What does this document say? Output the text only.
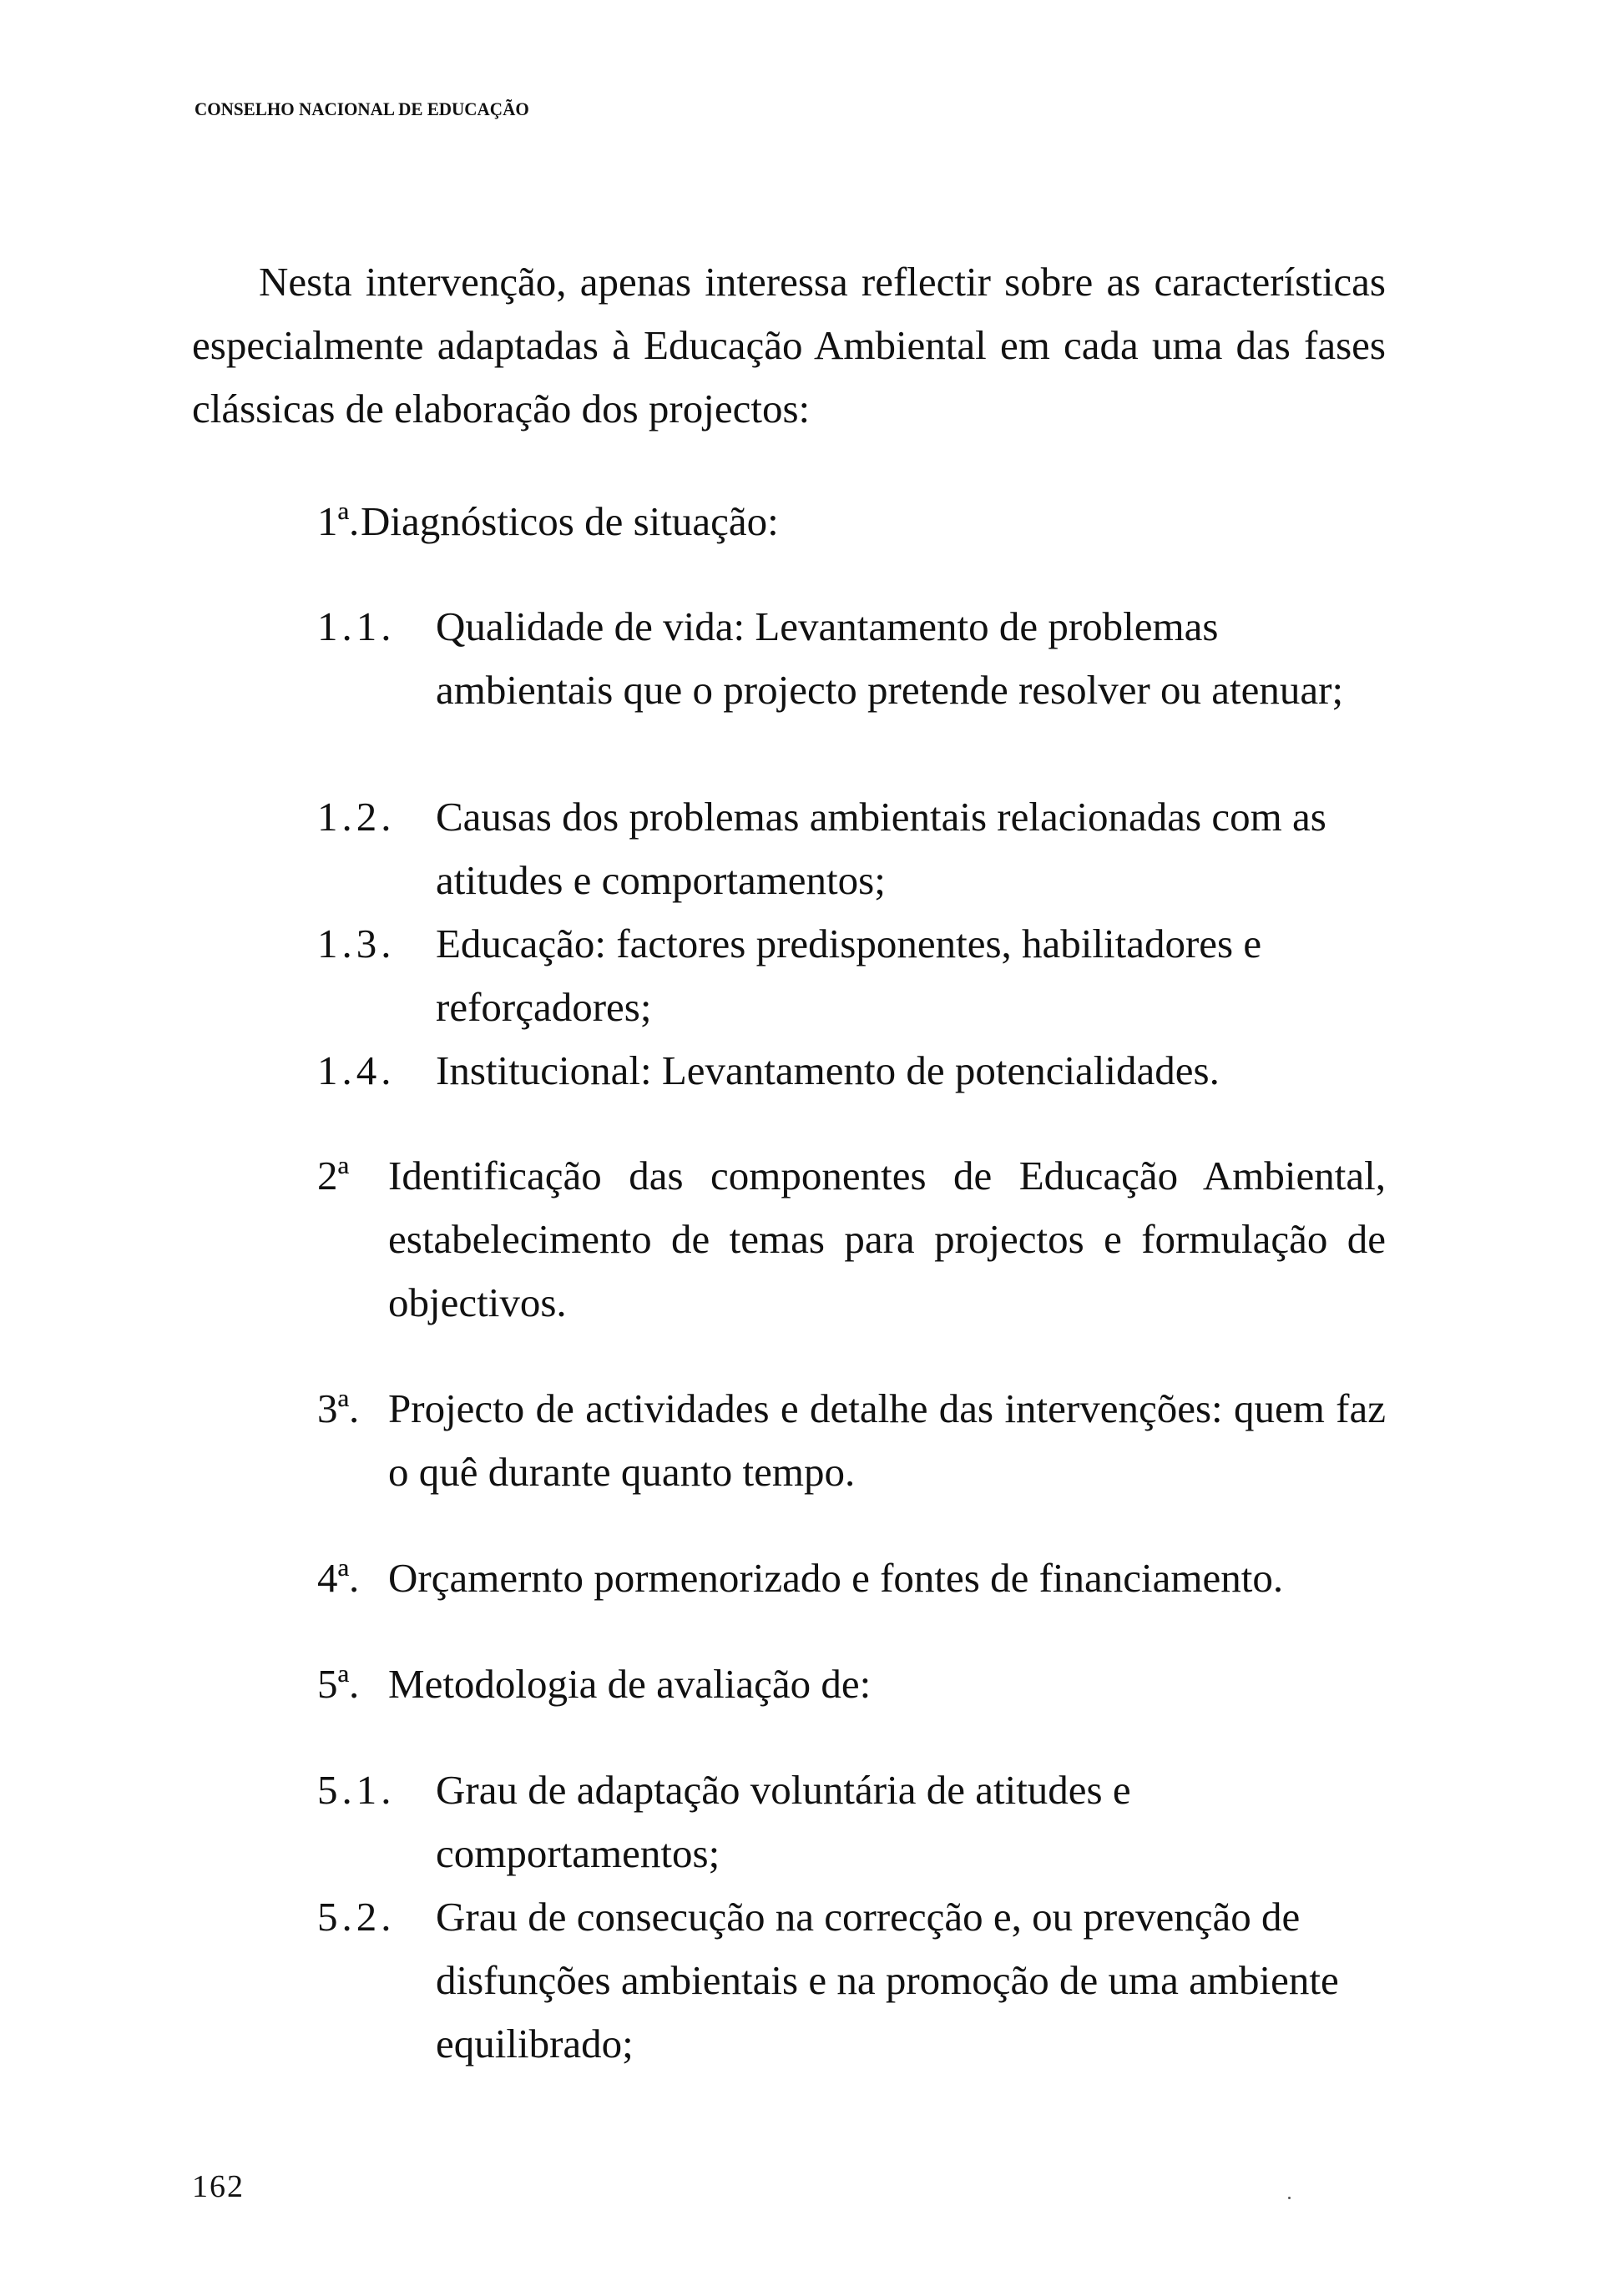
CONSELHO NACIONAL DE EDUCAÇÃO

Nesta intervenção, apenas interessa reflectir sobre as características especialmente adaptadas à Educação Ambiental em cada uma das fases clássicas de elaboração dos projectos:

1ª. Diagnósticos de situação:
1.1. Qualidade de vida: Levantamento de problemas ambientais que o projecto pretende resolver ou atenuar;
1.2. Causas dos problemas ambientais relacionadas com as atitudes e comportamentos;
1.3. Educação: factores predisponentes, habilitadores e reforçadores;
1.4. Institucional: Levantamento de potencialidades.
2ª Identificação das componentes de Educação Ambiental, estabelecimento de temas para projectos e formulação de objectivos.
3ª. Projecto de actividades e detalhe das intervenções: quem faz o quê durante quanto tempo.
4ª. Orçamernto pormenorizado e fontes de financiamento.
5ª. Metodologia de avaliação de:
5.1. Grau de adaptação voluntária de atitudes e comportamentos;
5.2. Grau de consecução na correcção e, ou prevenção de disfunções ambientais e na promoção de uma ambiente equilibrado;
162
